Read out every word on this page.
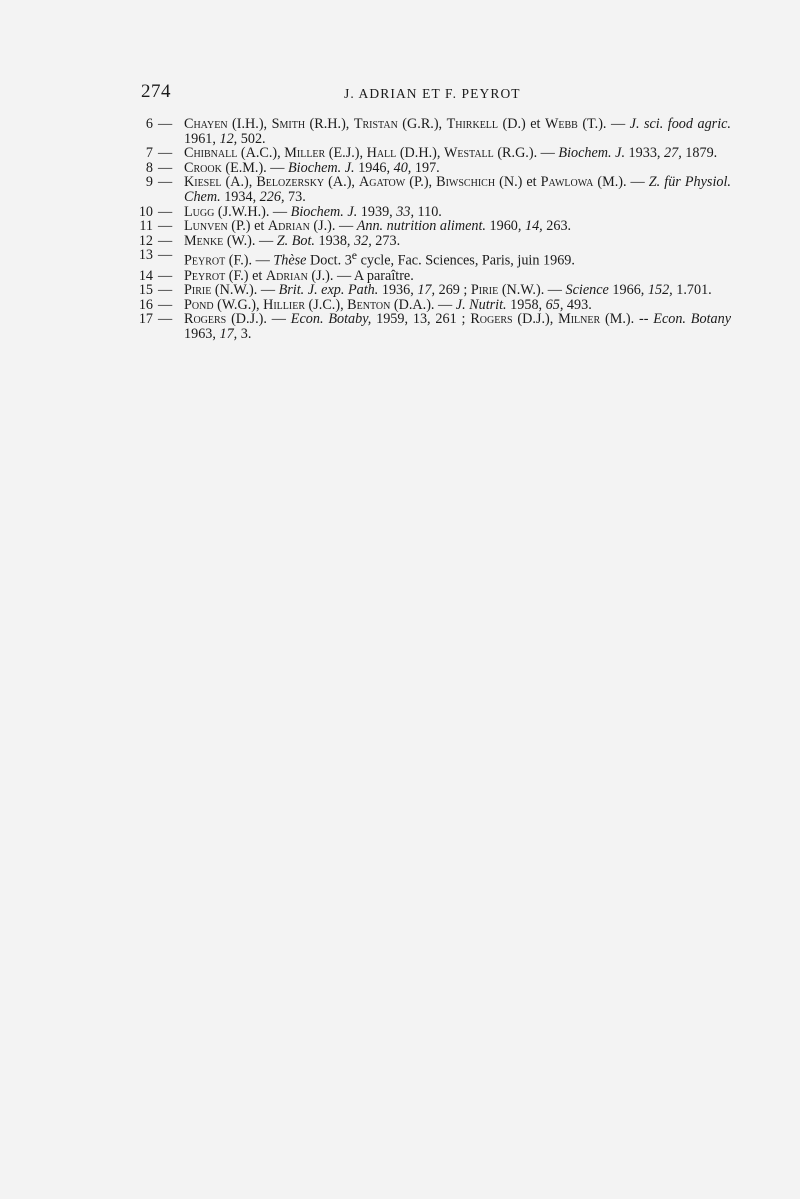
274	J. ADRIAN ET F. PEYROT
6 — Chayen (I.H.), Smith (R.H.), Tristan (G.R.), Thirkell (D.) et Webb (T.). — J. sci. food agric. 1961, 12, 502.
7 — Chibnall (A.C.), Miller (E.J.), Hall (D.H.), Westall (R.G.). — Biochem. J. 1933, 27, 1879.
8 — Crook (E.M.). — Biochem. J. 1946, 40, 197.
9 — Kiesel (A.), Belozersky (A.), Agatow (P.), Biwschich (N.) et Pawlowa (M.). — Z. für Physiol. Chem. 1934, 226, 73.
10 — Lugg (J.W.H.). — Biochem. J. 1939, 33, 110.
11 — Lunven (P.) et Adrian (J.). — Ann. nutrition aliment. 1960, 14, 263.
12 — Menke (W.). — Z. Bot. 1938, 32, 273.
13 — Peyrot (F.). — Thèse Doct. 3e cycle, Fac. Sciences, Paris, juin 1969.
14 — Peyrot (F.) et Adrian (J.). — A paraître.
15 — Pirie (N.W.). — Brit. J. exp. Path. 1936, 17, 269 ; Pirie (N.W.). — Science 1966, 152, 1.701.
16 — Pond (W.G.), Hillier (J.C.), Benton (D.A.). — J. Nutrit. 1958, 65, 493.
17 — Rogers (D.J.). — Econ. Botaby, 1959, 13, 261 ; Rogers (D.J.), Milner (M.). -- Econ. Botany 1963, 17, 3.
